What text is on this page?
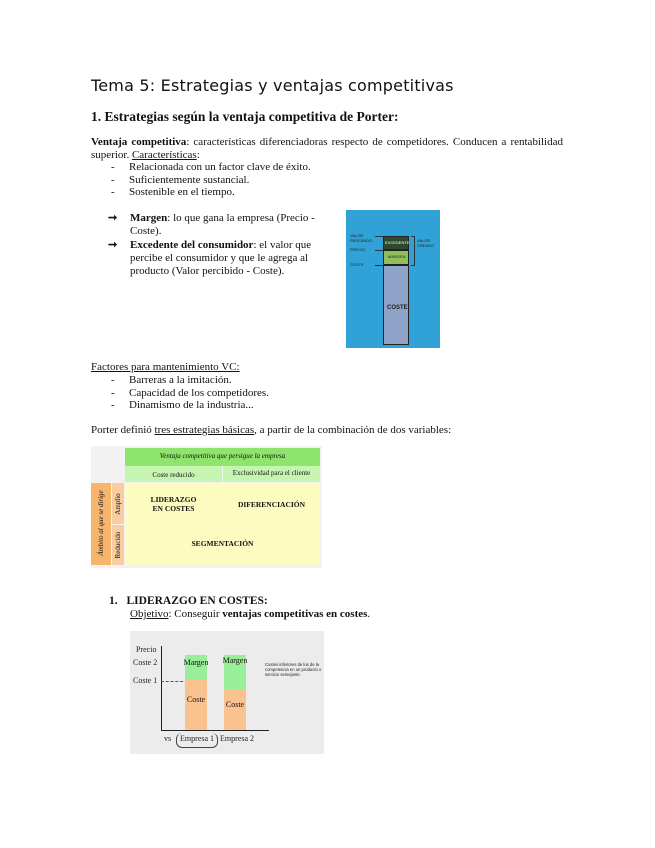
Tema 5: Estrategias y ventajas competitivas
1. Estrategias según la ventaja competitiva de Porter:
Ventaja competitiva: características diferenciadoras respecto de competidores. Conducen a rentabilidad superior. Características:
- Relacionada con un factor clave de éxito.
- Suficientemente sustancial.
- Sostenible en el tiempo.
➞ Margen: lo que gana la empresa (Precio - Coste).
➞ Excedente del consumidor: el valor que percibe el consumidor y que le agrega al producto (Valor percibido - Coste).
VALOR PERCIBIDO
PRECIO
COSTE
EXCEDENTE
MARGEN
COSTE
VALOR CREADO
Factores para mantenimiento VC:
- Barreras a la imitación.
- Capacidad de los competidores.
- Dinamismo de la industria...
Porter definió tres estrategias básicas, a partir de la combinación de dos variables:
Ventaja competitiva que persigue la empresa
Coste reducido	Exclusividad para el cliente
Ámbito al que se dirige Amplio
Reducido
LIDERAZGO
EN COSTES	DIFERENCIACIÓN
SEGMENTACIÓN
1. LIDERAZGO EN COSTES:
Objetivo: Conseguir ventajas competitivas en costes.
Precio
Coste 2
Coste 1
Coste
Margen
Coste
Margen
vs Empresa 1 Empresa 2
Costes inferiores de los de la competencia en un producto o servicio semejante.
